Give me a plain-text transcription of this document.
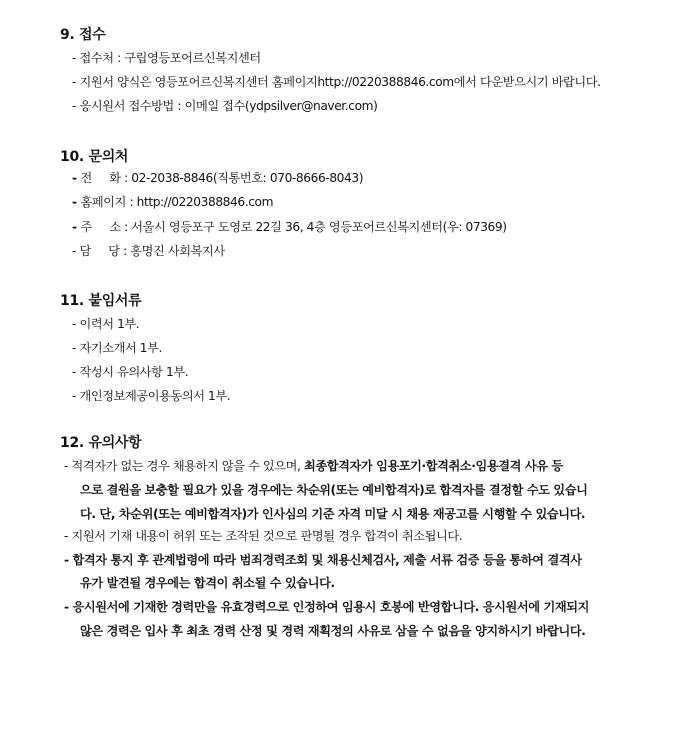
9. 접수
- 접수처 : 구립영등포어르신복지센터
- 지원서 양식은 영등포어르신복지센터 홈페이지http://0220388846.com에서 다운받으시기 바랍니다.
- 응시원서 접수방법 : 이메일 접수(ydpsilver@naver.com)
10. 문의처
- 전     화 : 02-2038-8846(직통번호: 070-8666-8043)
- 홈페이지 : http://0220388846.com
- 주     소 : 서울시 영등포구 도영로 22길 36, 4층 영등포어르신복지센터(우: 07369)
- 담     당 : 홍명진 사회복지사
11. 붙임서류
- 이력서 1부.
- 자기소개서 1부.
- 작성시 유의사항 1부.
- 개인정보제공이용동의서 1부.
12. 유의사항
- 적격자가 없는 경우 채용하지 않을 수 있으며, 최종합격자가 임용포기·합격취소·임용결격 사유 등
으로 결원을 보충할 필요가 있을 경우에는 차순위(또는 예비합격자)로 합격자를 결정할 수도 있습니
다. 단, 차순위(또는 예비합격자)가 인사심의 기준 자격 미달 시 채용 재공고를 시행할 수 있습니다.
- 지원서 기재 내용이 허위 또는 조작된 것으로 판명될 경우 합격이 취소됩니다.
- 합격자 통지 후 관계법령에 따라 범죄경력조회 및 채용신체검사, 제출 서류 검증 등을 통하여 결격사
유가 발견될 경우에는 합격이 취소될 수 있습니다.
- 응시원서에 기재한 경력만을 유효경력으로 인정하여 임용시 호봉에 반영합니다. 응시원서에 기재되지
않은 경력은 입사 후 최초 경력 산정 및 경력 재획정의 사유로 삼을 수 없음을 양지하시기 바랍니다.
